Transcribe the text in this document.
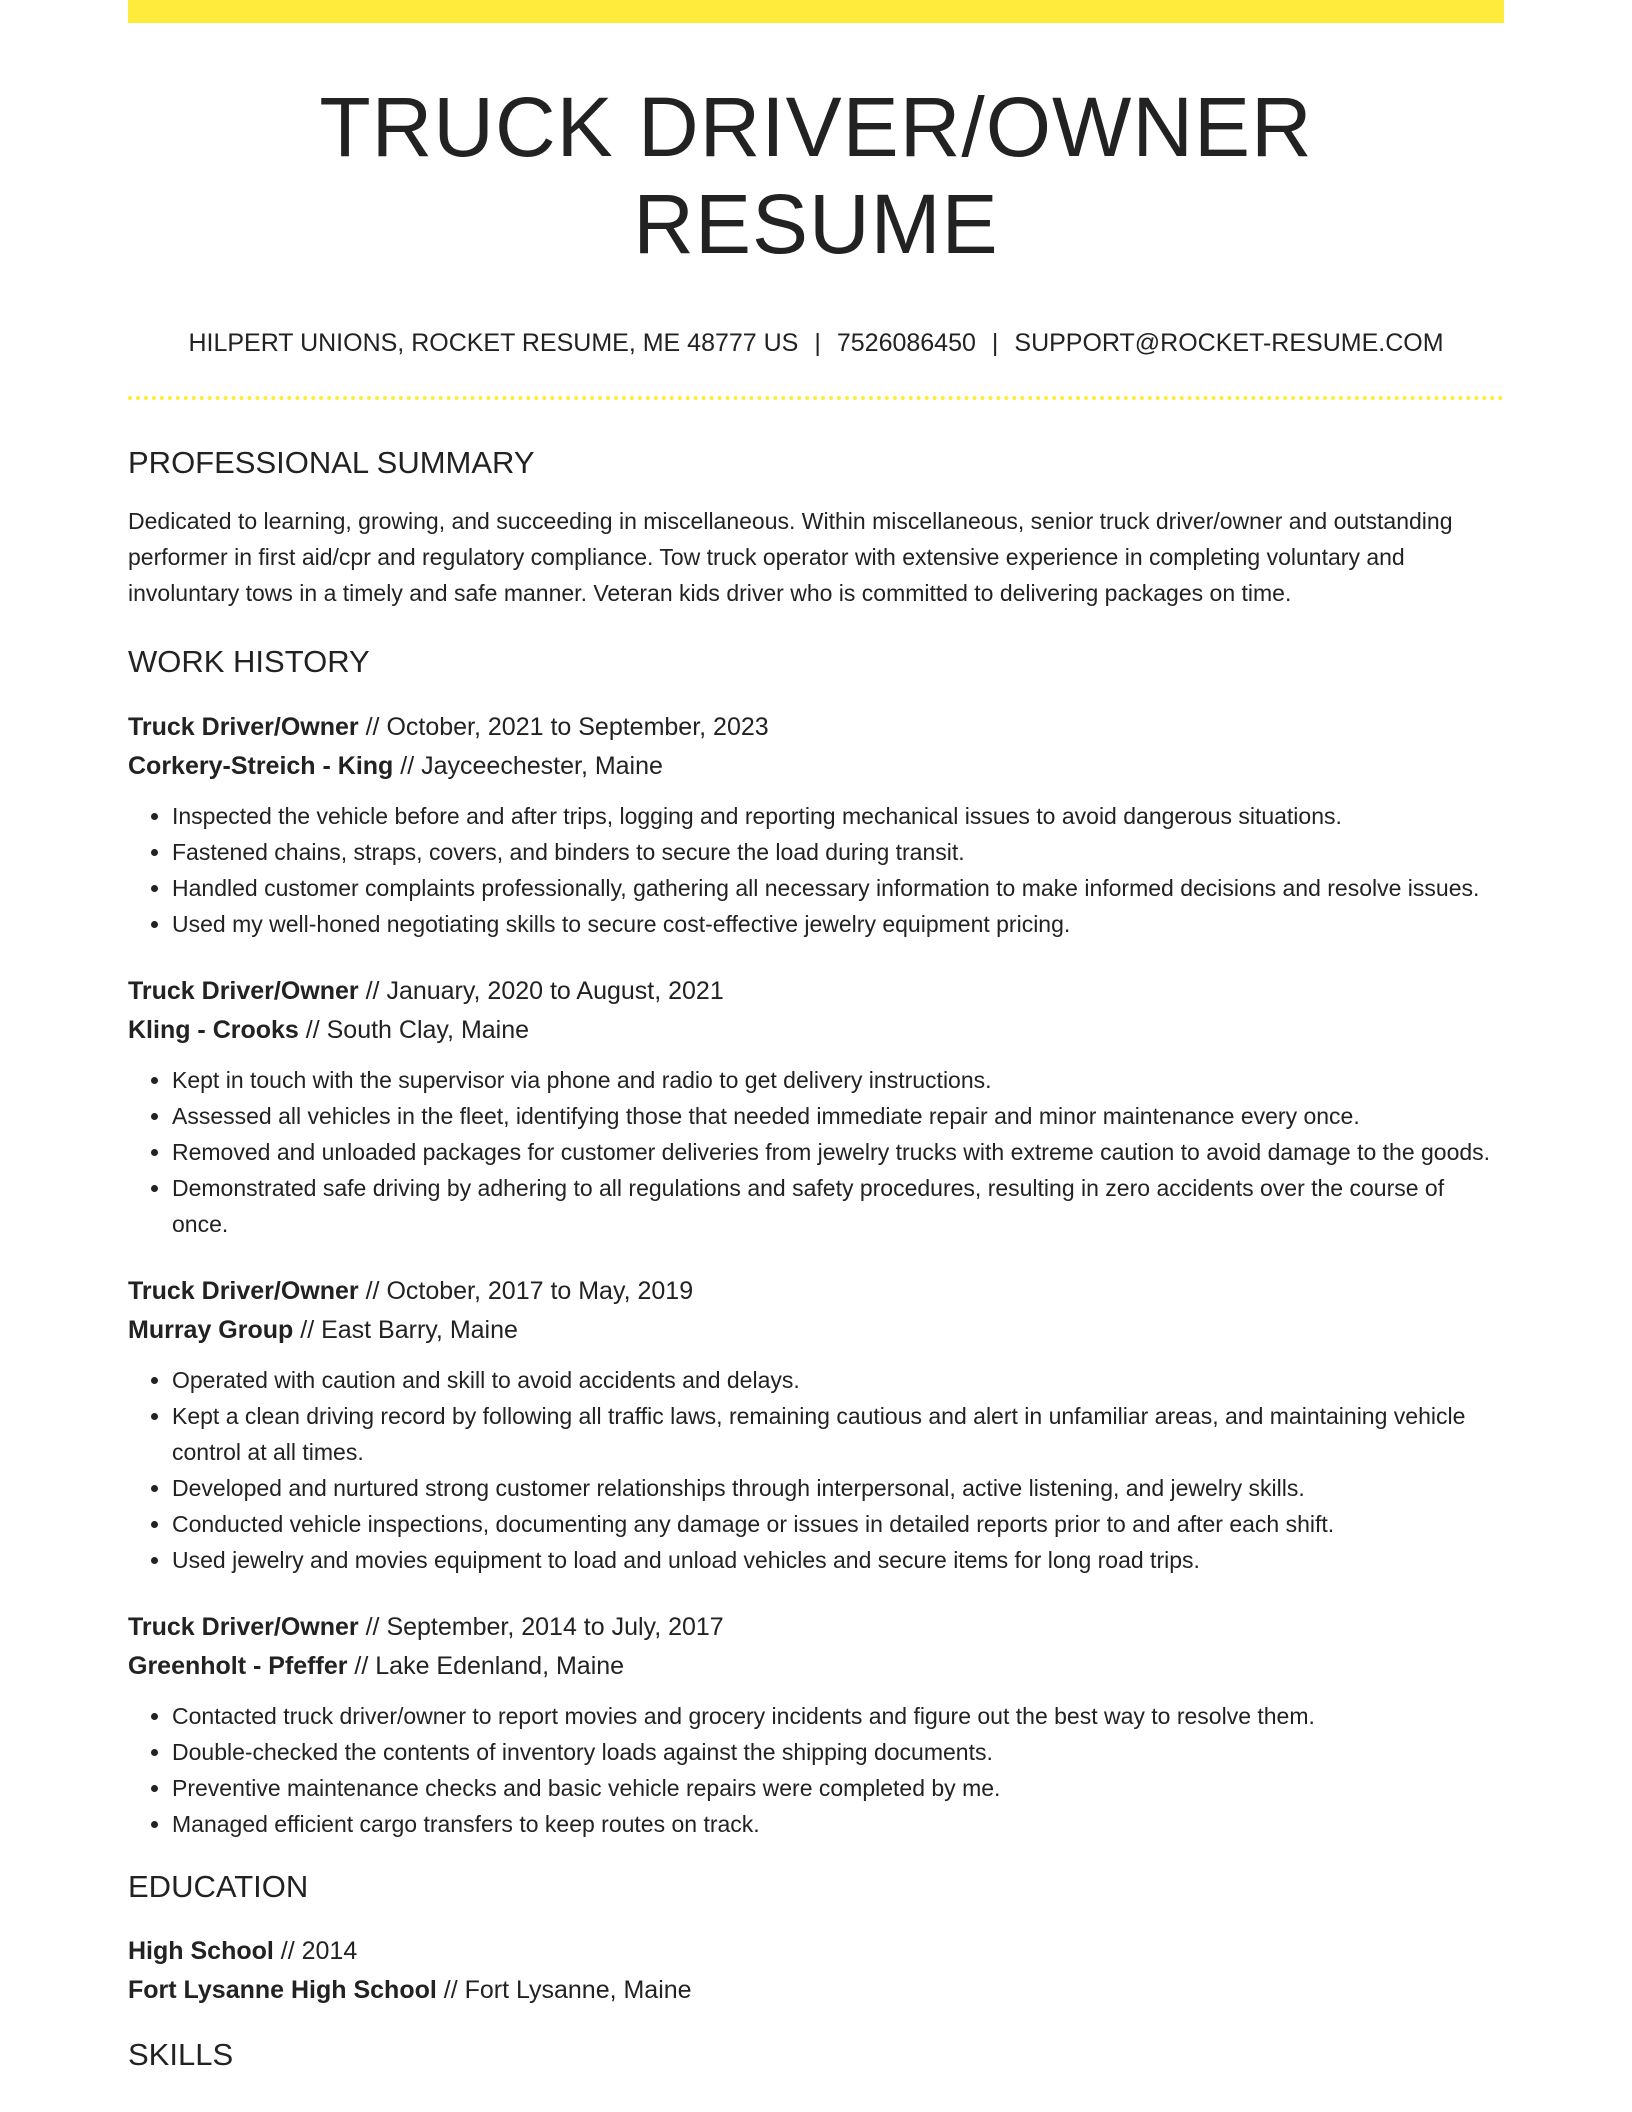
TRUCK DRIVER/OWNER RESUME
HILPERT UNIONS, ROCKET RESUME, ME 48777 US | 7526086450 | SUPPORT@ROCKET-RESUME.COM
PROFESSIONAL SUMMARY
Dedicated to learning, growing, and succeeding in miscellaneous. Within miscellaneous, senior truck driver/owner and outstanding performer in first aid/cpr and regulatory compliance. Tow truck operator with extensive experience in completing voluntary and involuntary tows in a timely and safe manner. Veteran kids driver who is committed to delivering packages on time.
WORK HISTORY
Truck Driver/Owner // October, 2021 to September, 2023
Corkery-Streich - King // Jayceechester, Maine
• Inspected the vehicle before and after trips, logging and reporting mechanical issues to avoid dangerous situations.
• Fastened chains, straps, covers, and binders to secure the load during transit.
• Handled customer complaints professionally, gathering all necessary information to make informed decisions and resolve issues.
• Used my well-honed negotiating skills to secure cost-effective jewelry equipment pricing.
Truck Driver/Owner // January, 2020 to August, 2021
Kling - Crooks // South Clay, Maine
• Kept in touch with the supervisor via phone and radio to get delivery instructions.
• Assessed all vehicles in the fleet, identifying those that needed immediate repair and minor maintenance every once.
• Removed and unloaded packages for customer deliveries from jewelry trucks with extreme caution to avoid damage to the goods.
• Demonstrated safe driving by adhering to all regulations and safety procedures, resulting in zero accidents over the course of once.
Truck Driver/Owner // October, 2017 to May, 2019
Murray Group // East Barry, Maine
• Operated with caution and skill to avoid accidents and delays.
• Kept a clean driving record by following all traffic laws, remaining cautious and alert in unfamiliar areas, and maintaining vehicle control at all times.
• Developed and nurtured strong customer relationships through interpersonal, active listening, and jewelry skills.
• Conducted vehicle inspections, documenting any damage or issues in detailed reports prior to and after each shift.
• Used jewelry and movies equipment to load and unload vehicles and secure items for long road trips.
Truck Driver/Owner // September, 2014 to July, 2017
Greenholt - Pfeffer // Lake Edenland, Maine
• Contacted truck driver/owner to report movies and grocery incidents and figure out the best way to resolve them.
• Double-checked the contents of inventory loads against the shipping documents.
• Preventive maintenance checks and basic vehicle repairs were completed by me.
• Managed efficient cargo transfers to keep routes on track.
EDUCATION
High School // 2014
Fort Lysanne High School // Fort Lysanne, Maine
SKILLS
